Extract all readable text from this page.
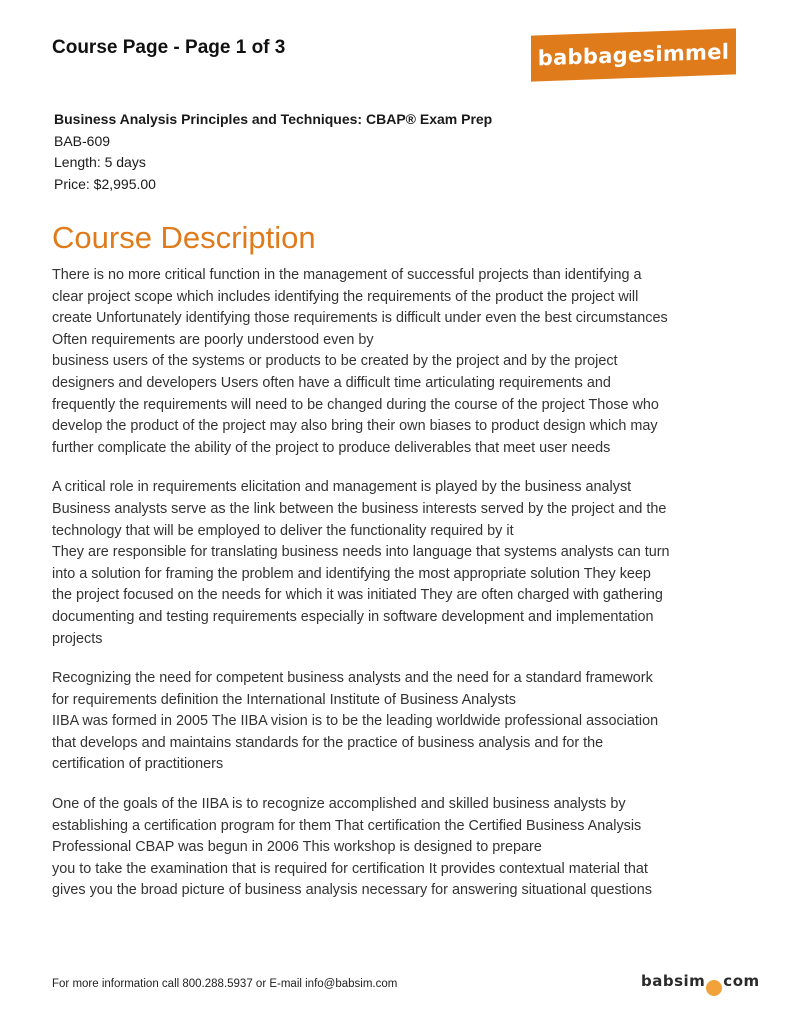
Course Page - Page 1 of 3	babbagesimmel
Business Analysis Principles and Techniques: CBAP® Exam Prep
BAB-609
Length: 5 days
Price: $2,995.00
Course Description

There is no more critical function in the management of successful projects than identifying a
clear project scope which includes identifying the requirements of the product the project will
create Unfortunately identifying those requirements is difficult under even the best circumstances
Often requirements are poorly understood even by
business users of the systems or products to be created by the project and by the project
designers and developers Users often have a difficult time articulating requirements and
frequently the requirements will need to be changed during the course of the project Those who
develop the product of the project may also bring their own biases to product design which may
further complicate the ability of the project to produce deliverables that meet user needs

A critical role in requirements elicitation and management is played by the business analyst
Business analysts serve as the link between the business interests served by the project and the
technology that will be employed to deliver the functionality required by it
They are responsible for translating business needs into language that systems analysts can turn
into a solution for framing the problem and identifying the most appropriate solution They keep
the project focused on the needs for which it was initiated They are often charged with gathering
documenting and testing requirements especially in software development and implementation
projects

Recognizing the need for competent business analysts and the need for a standard framework
for requirements definition the International Institute of Business Analysts
IIBA was formed in 2005 The IIBA vision is to be the leading worldwide professional association
that develops and maintains standards for the practice of business analysis and for the
certification of practitioners

One of the goals of the IIBA is to recognize accomplished and skilled business analysts by
establishing a certification program for them That certification the Certified Business Analysis
Professional CBAP was begun in 2006 This workshop is designed to prepare
you to take the examination that is required for certification It provides contextual material that
gives you the broad picture of business analysis necessary for answering situational questions

For more information call 800.288.5937 or E-mail info@babsim.com	babsim com
